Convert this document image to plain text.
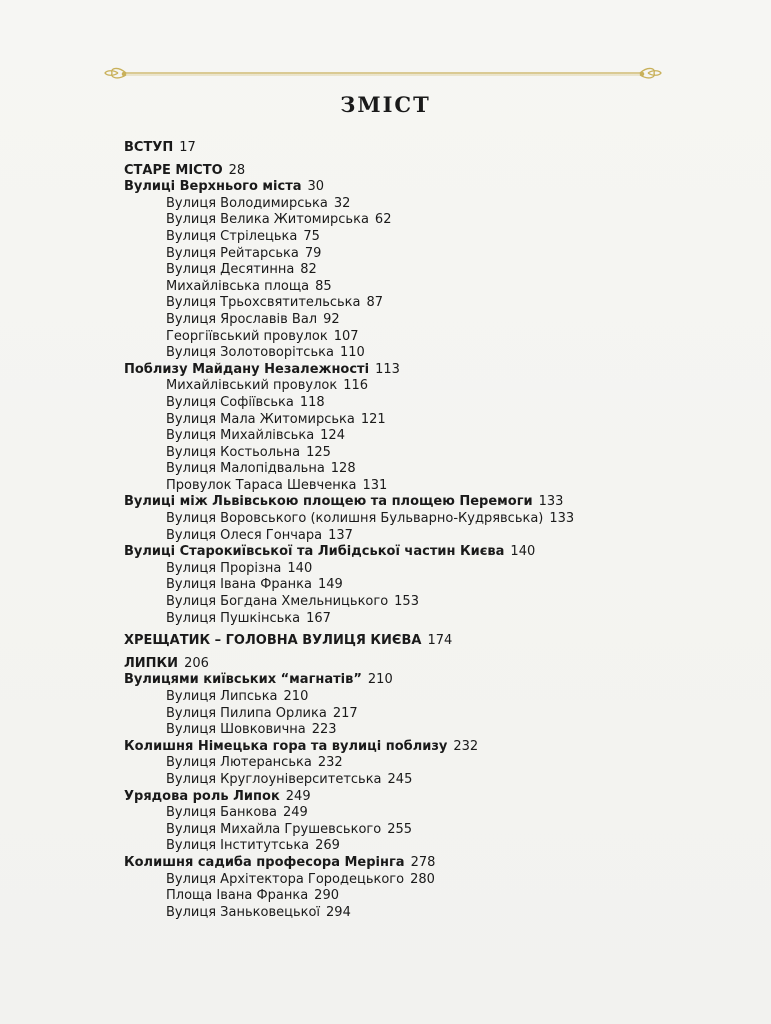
ЗМІСТ
ВСТУП 17
СТАРЕ МІСТО 28
Вулиці Верхнього міста 30
Вулиця Володимирська 32
Вулиця Велика Житомирська 62
Вулиця Стрілецька 75
Вулиця Рейтарська 79
Вулиця Десятинна 82
Михайлівська площа 85
Вулиця Трьохсвятительська 87
Вулиця Ярославів Вал 92
Георгіївський провулок 107
Вулиця Золотоворітська 110
Поблизу Майдану Незалежності 113
Михайлівський провулок 116
Вулиця Софіївська 118
Вулиця Мала Житомирська 121
Вулиця Михайлівська 124
Вулиця Костьольна 125
Вулиця Малопідвальна 128
Провулок Тараса Шевченка 131
Вулиці між Львівською площею та площею Перемоги 133
Вулиця Воровського (колишня Бульварно-Кудрявська) 133
Вулиця Олеся Гончара 137
Вулиці Старокиївської та Либідської частин Києва 140
Вулиця Прорізна 140
Вулиця Івана Франка 149
Вулиця Богдана Хмельницького 153
Вулиця Пушкінська 167
ХРЕЩАТИК – ГОЛОВНА ВУЛИЦЯ КИЄВА 174
ЛИПКИ 206
Вулицями київських “магнатів” 210
Вулиця Липська 210
Вулиця Пилипа Орлика 217
Вулиця Шовковична 223
Колишня Німецька гора та вулиці поблизу 232
Вулиця Лютеранська 232
Вулиця Круглоуніверситетська 245
Урядова роль Липок 249
Вулиця Банкова 249
Вулиця Михайла Грушевського 255
Вулиця Інститутська 269
Колишня садиба професора Мерінга 278
Вулиця Архітектора Городецького 280
Площа Івана Франка 290
Вулиця Заньковецької 294
